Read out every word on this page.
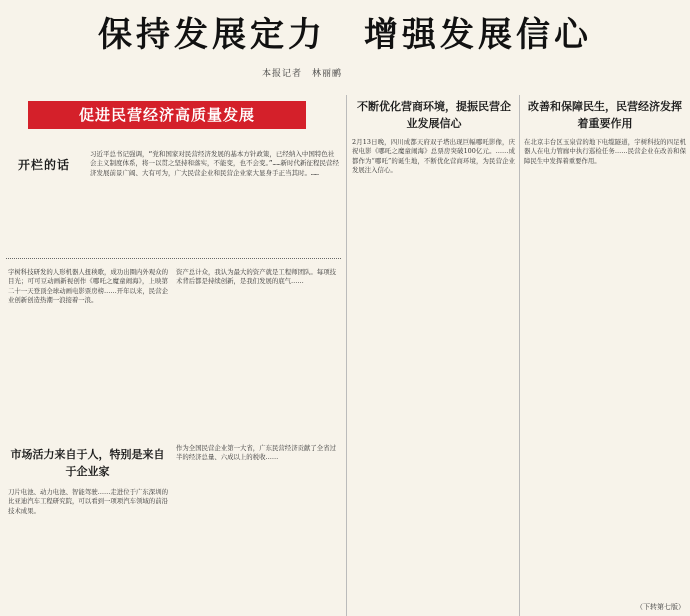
保持发展定力　增强发展信心
本报记者　林丽鹂
促进民营经济高质量发展
开栏的话
习近平总书记强调，“党和国家对民营经济发展的基本方针政策，已经纳入中国特色社会主义制度体系，将一以贯之坚持和落实，不能变，也不会变。”……新时代新征程民营经济发展前景广阔、大有可为，广大民营企业和民营企业家大显身手正当其时。……
宇树科技研发的人形机器人扭秧歌，成功出圈内外观众的目光；可可豆动画新视创作《哪吒之魔童闹海》，上映第二十一天登顶全球动画电影票房榜……开年以来，民营企业创新创造热潮一浪接着一浪。
资产总计众，我认为最大的资产就是工程师团队。每项技术背后都是持续创新，是我们发展的底气……
市场活力来自于人，特别是来自于企业家
刀片电池、动力电池、智能驾驶……走进位于广东深圳的比亚迪汽车工程研究院，可以看到一项项汽车领域的前沿技术成果。
作为全国民营企业第一大省，广东民营经济贡献了全省过半的经济总量、六成以上的税收……
不断优化营商环境，提振民营企业发展信心
2月13日晚，四川成都天府双子塔出现巨幅哪吒影像，庆祝电影《哪吒之魔童闹海》总票房突破100亿元。……成都作为“哪吒”的诞生地，不断优化营商环境，为民营企业发展注入信心。
改善和保障民生，民营经济发挥着重要作用
在北京丰台区玉泉营的地下电缆隧道，宇树科技的四足机器人在电力管廊中执行巡检任务……民营企业在改善和保障民生中发挥着重要作用。
（下转第七版）
